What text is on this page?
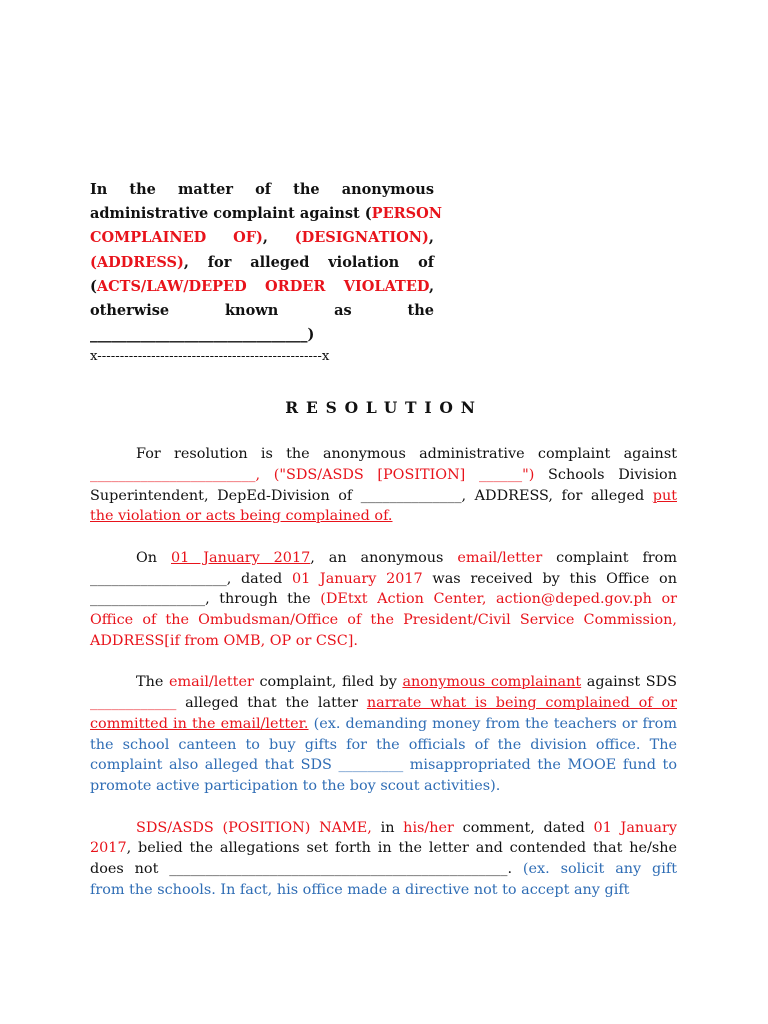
In the matter of the anonymous
administrative complaint against (PERSON
COMPLAINED OF), (DESIGNATION),
(ADDRESS), for alleged violation of
(ACTS/LAW/DEPED ORDER VIOLATED,
otherwise known as the
______________________________)
x--------------------------------------------------x
RESOLUTION

For resolution is the anonymous administrative complaint against _______________________, ("SDS/ASDS [POSITION] ______") Schools Division Superintendent, DepEd-Division of ______________, ADDRESS, for alleged put the violation or acts being complained of.

On 01 January 2017, an anonymous email/letter complaint from ___________________, dated 01 January 2017 was received by this Office on ________________, through the (DEtxt Action Center, action@deped.gov.ph or Office of the Ombudsman/Office of the President/Civil Service Commission, ADDRESS[if from OMB, OP or CSC].

The email/letter complaint, filed by anonymous complainant against SDS ____________ alleged that the latter narrate what is being complained of or committed in the email/letter. (ex. demanding money from the teachers or from the school canteen to buy gifts for the officials of the division office. The complaint also alleged that SDS _________ misappropriated the MOOE fund to promote active participation to the boy scout activities).

SDS/ASDS (POSITION) NAME, in his/her comment, dated 01 January 2017, belied the allegations set forth in the letter and contended that he/she does not _______________________________________________. (ex. solicit any gift from the schools. In fact, his office made a directive not to accept any gift
